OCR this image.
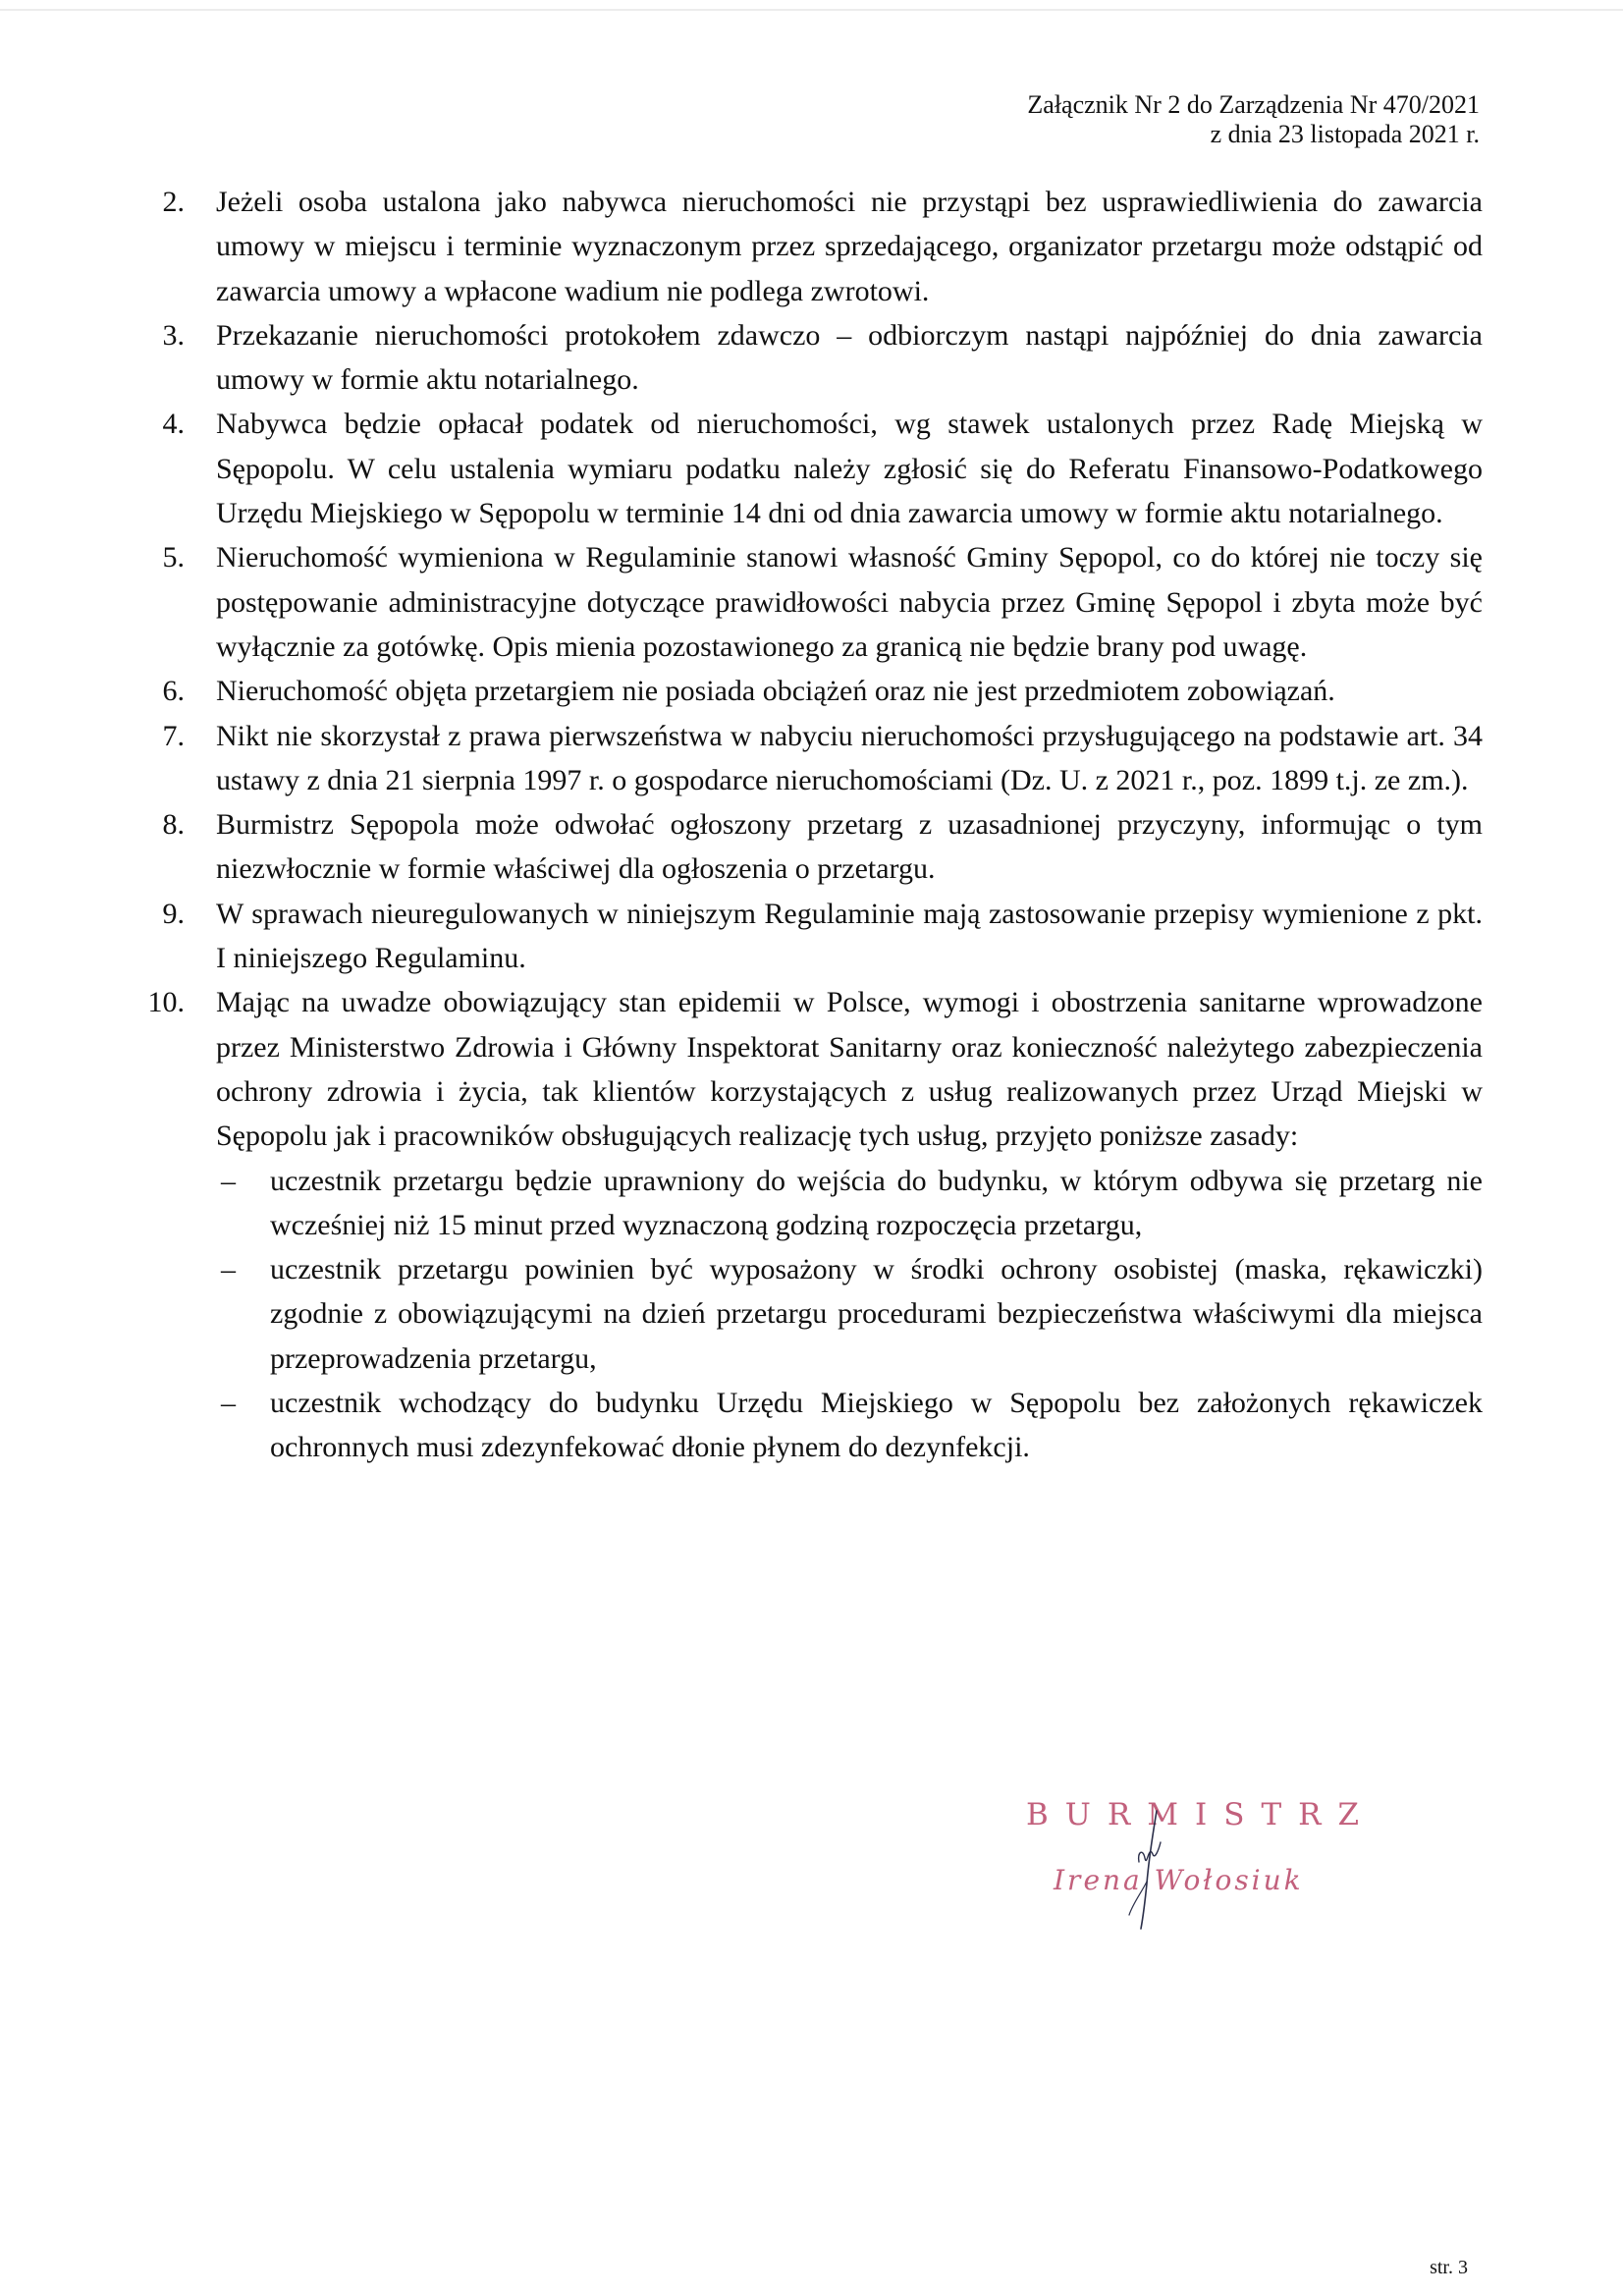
Załącznik Nr 2 do Zarządzenia Nr 470/2021
z dnia 23 listopada 2021 r.
2. Jeżeli osoba ustalona jako nabywca nieruchomości nie przystąpi bez usprawiedliwienia do zawarcia umowy w miejscu i terminie wyznaczonym przez sprzedającego, organizator przetargu może odstąpić od zawarcia umowy a wpłacone wadium nie podlega zwrotowi.
3. Przekazanie nieruchomości protokołem zdawczo – odbiorczym nastąpi najpóźniej do dnia zawarcia umowy w formie aktu notarialnego.
4. Nabywca będzie opłacał podatek od nieruchomości, wg stawek ustalonych przez Radę Miejską w Sępopolu. W celu ustalenia wymiaru podatku należy zgłosić się do Referatu Finansowo-Podatkowego Urzędu Miejskiego w Sępopolu w terminie 14 dni od dnia zawarcia umowy w formie aktu notarialnego.
5. Nieruchomość wymieniona w Regulaminie stanowi własność Gminy Sępopol, co do której nie toczy się postępowanie administracyjne dotyczące prawidłowości nabycia przez Gminę Sępopol i zbyta może być wyłącznie za gotówkę. Opis mienia pozostawionego za granicą nie będzie brany pod uwagę.
6. Nieruchomość objęta przetargiem nie posiada obciążeń oraz nie jest przedmiotem zobowiązań.
7. Nikt nie skorzystał z prawa pierwszeństwa w nabyciu nieruchomości przysługującego na podstawie art. 34 ustawy z dnia 21 sierpnia 1997 r. o gospodarce nieruchomościami (Dz. U. z 2021 r., poz. 1899 t.j. ze zm.).
8. Burmistrz Sępopola może odwołać ogłoszony przetarg z uzasadnionej przyczyny, informując o tym niezwłocznie w formie właściwej dla ogłoszenia o przetargu.
9. W sprawach nieuregulowanych w niniejszym Regulaminie mają zastosowanie przepisy wymienione z pkt. I niniejszego Regulaminu.
10. Mając na uwadze obowiązujący stan epidemii w Polsce, wymogi i obostrzenia sanitarne wprowadzone przez Ministerstwo Zdrowia i Główny Inspektorat Sanitarny oraz konieczność należytego zabezpieczenia ochrony zdrowia i życia, tak klientów korzystających z usług realizowanych przez Urząd Miejski w Sępopolu jak i pracowników obsługujących realizację tych usług, przyjęto poniższe zasady:
– uczestnik przetargu będzie uprawniony do wejścia do budynku, w którym odbywa się przetarg nie wcześniej niż 15 minut przed wyznaczoną godziną rozpoczęcia przetargu,
– uczestnik przetargu powinien być wyposażony w środki ochrony osobistej (maska, rękawiczki) zgodnie z obowiązującymi na dzień przetargu procedurami bezpieczeństwa właściwymi dla miejsca przeprowadzenia przetargu,
– uczestnik wchodzący do budynku Urzędu Miejskiego w Sępopolu bez założonych rękawiczek ochronnych musi zdezynfekować dłonie płynem do dezynfekcji.
BURMISTRZ
Irena Wołosiuk
str. 3
